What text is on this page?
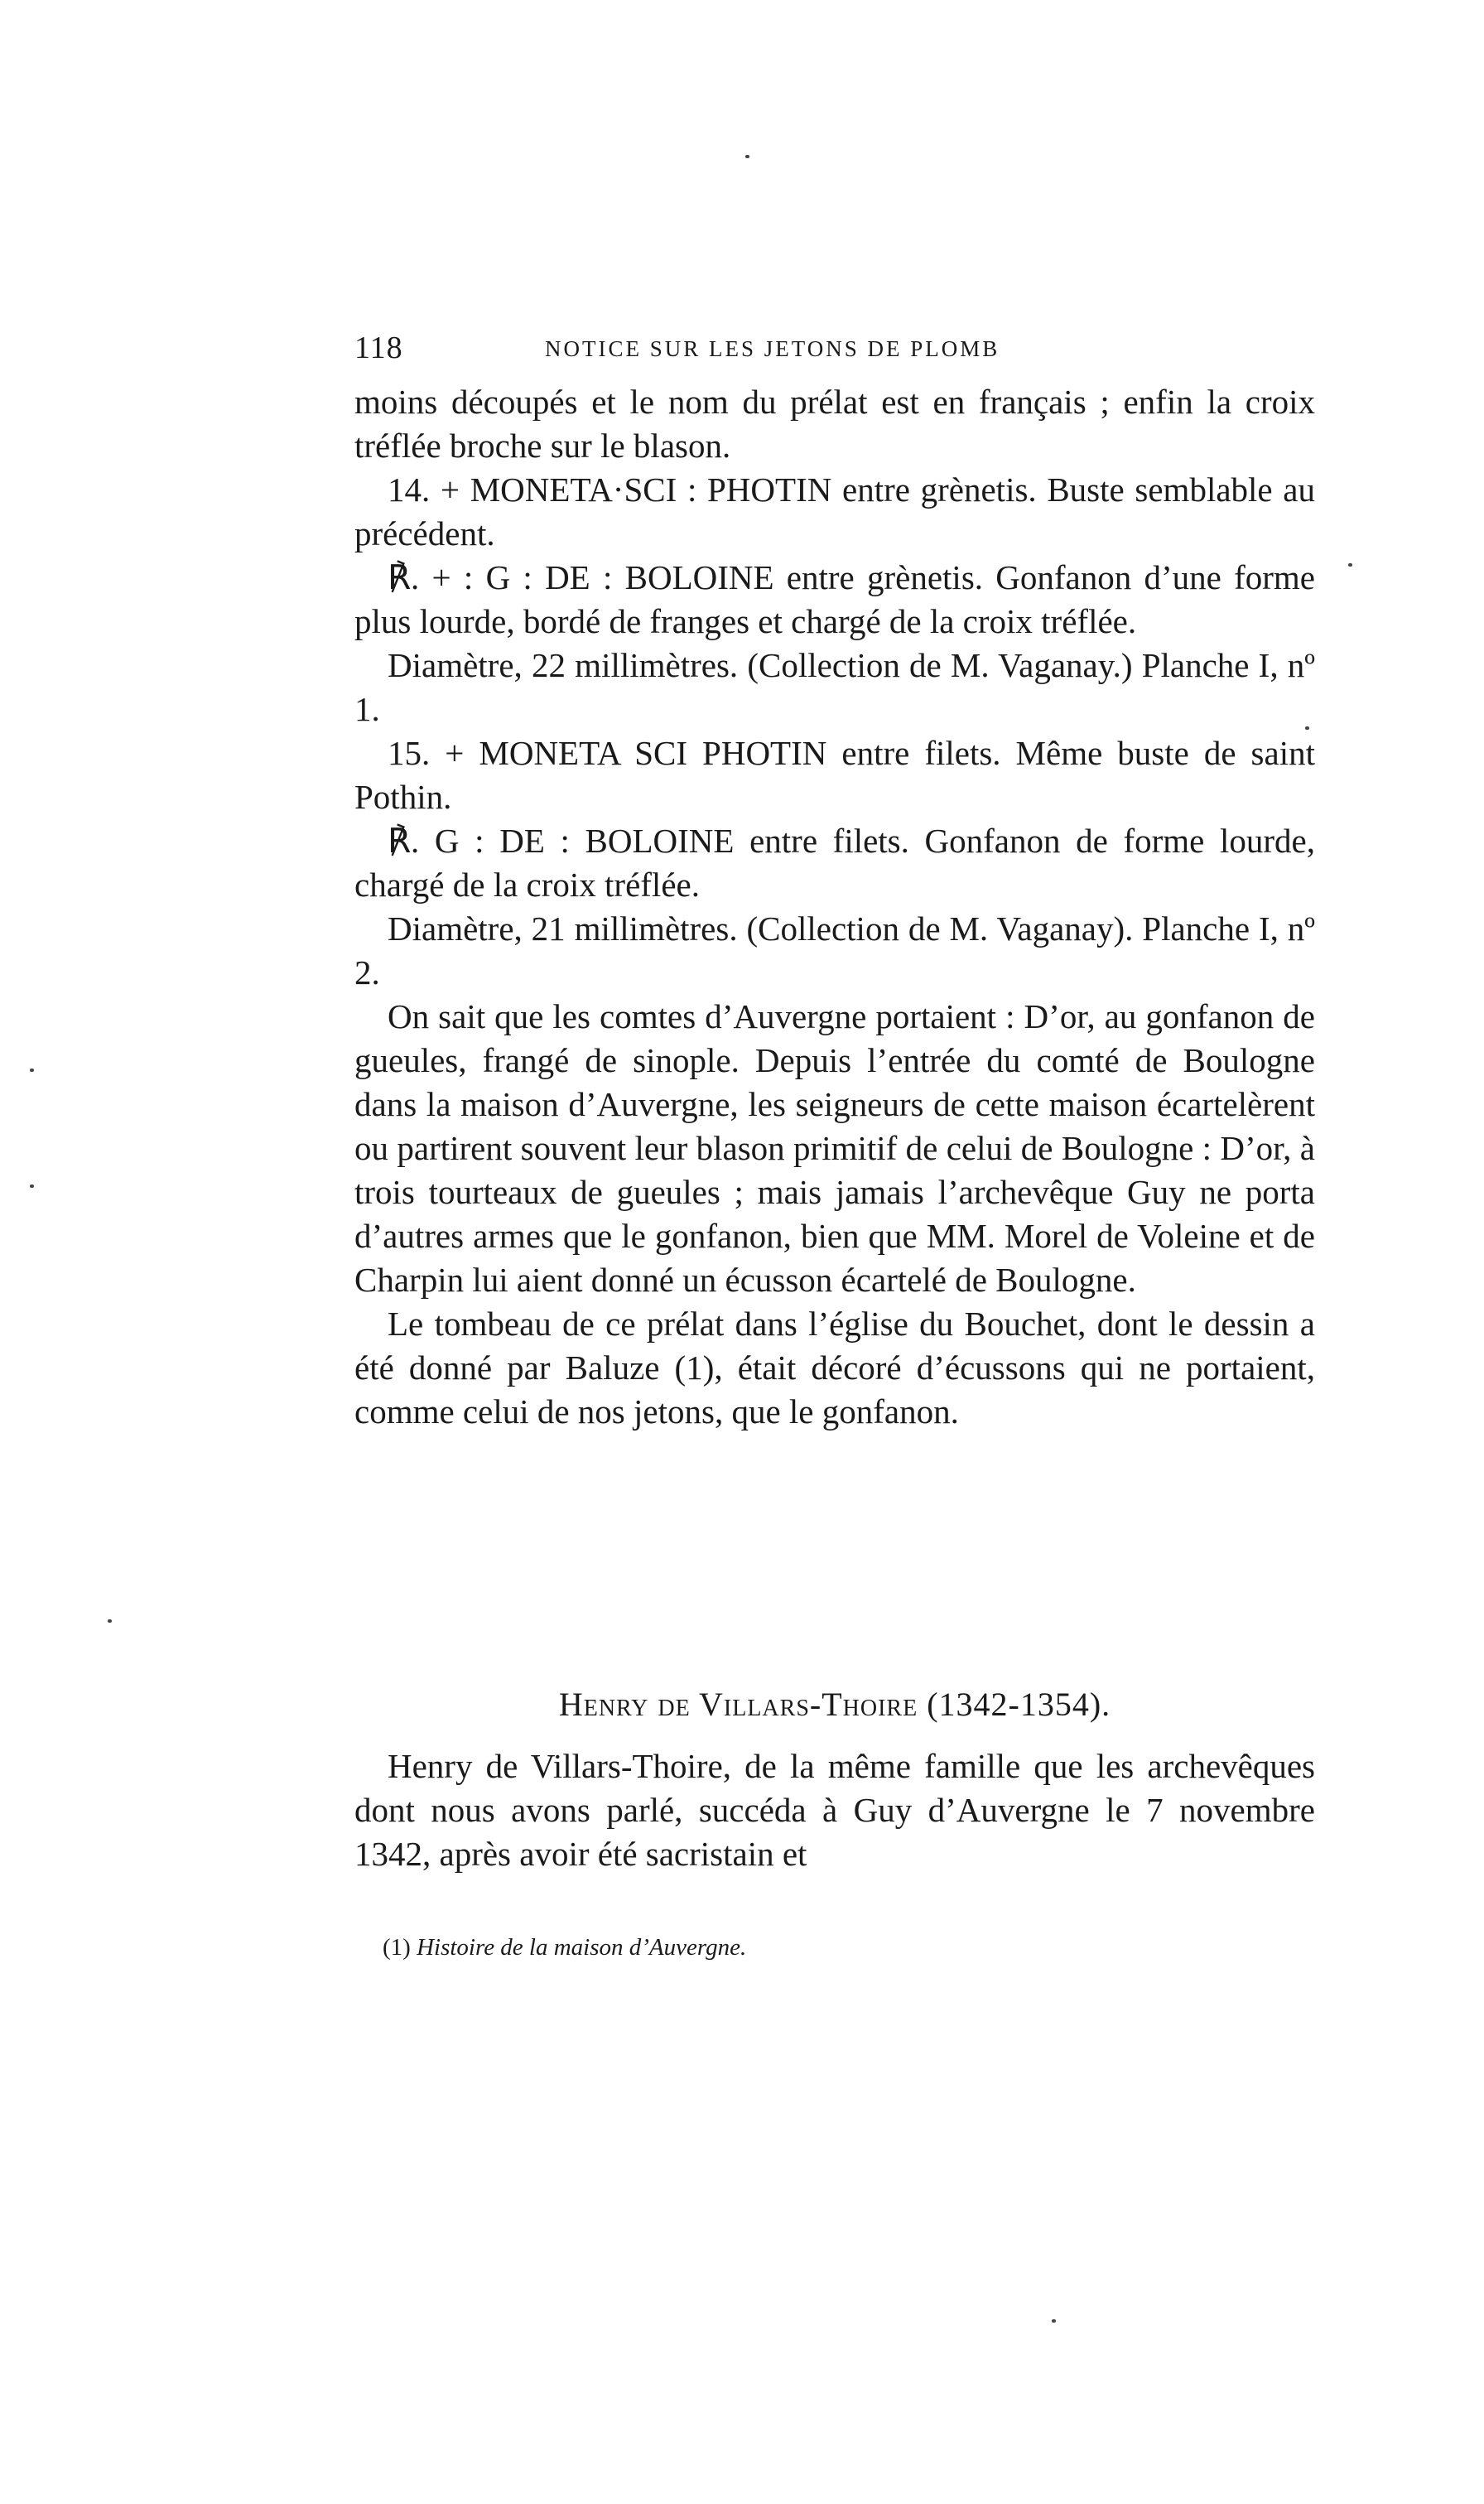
118	NOTICE SUR LES JETONS DE PLOMB

moins découpés et le nom du prélat est en français ; enfin la croix tréflée broche sur le blason.

14. + MONETA·SCI : PHOTIN entre grènetis. Buste semblable au précédent.

℟. + : G : DE : BOLOINE entre grènetis. Gonfanon d’une forme plus lourde, bordé de franges et chargé de la croix tréflée.

Diamètre, 22 millimètres. (Collection de M. Vaganay.) Planche I, nº 1.

15. + MONETA SCI PHOTIN entre filets. Même buste de saint Pothin.

℟. G : DE : BOLOINE entre filets. Gonfanon de forme lourde, chargé de la croix tréflée.

Diamètre, 21 millimètres. (Collection de M. Vaganay). Planche I, nº 2.

On sait que les comtes d’Auvergne portaient : D’or, au gonfanon de gueules, frangé de sinople. Depuis l’entrée du comté de Boulogne dans la maison d’Auvergne, les seigneurs de cette maison écartelèrent ou partirent souvent leur blason primitif de celui de Boulogne : D’or, à trois tourteaux de gueules ; mais jamais l’archevêque Guy ne porta d’autres armes que le gonfanon, bien que MM. Morel de Voleine et de Charpin lui aient donné un écusson écartelé de Boulogne.

Le tombeau de ce prélat dans l’église du Bouchet, dont le dessin a été donné par Baluze (1), était décoré d’écussons qui ne portaient, comme celui de nos jetons, que le gonfanon.

Henry de Villars-Thoire (1342-1354).

Henry de Villars-Thoire, de la même famille que les archevêques dont nous avons parlé, succéda à Guy d’Auvergne le 7 novembre 1342, après avoir été sacristain et

(1) Histoire de la maison d’Auvergne.
